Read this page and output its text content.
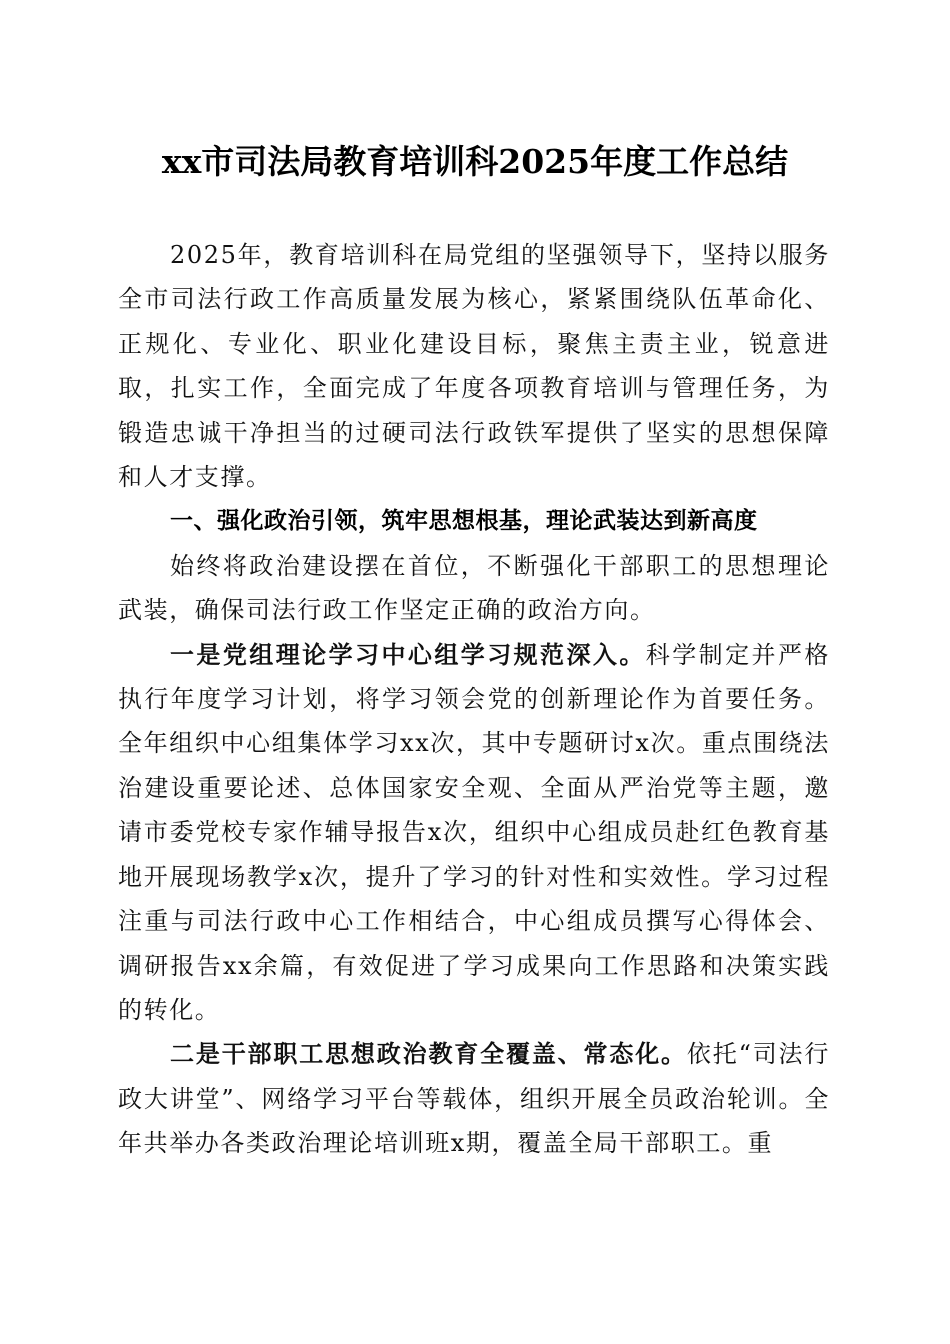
xx市司法局教育培训科2025年度工作总结

2025年，教育培训科在局党组的坚强领导下，坚持以服务全市司法行政工作高质量发展为核心，紧紧围绕队伍革命化、正规化、专业化、职业化建设目标，聚焦主责主业，锐意进取，扎实工作，全面完成了年度各项教育培训与管理任务，为锻造忠诚干净担当的过硬司法行政铁军提供了坚实的思想保障和人才支撑。

一、强化政治引领，筑牢思想根基，理论武装达到新高度

始终将政治建设摆在首位，不断强化干部职工的思想理论武装，确保司法行政工作坚定正确的政治方向。

一是党组理论学习中心组学习规范深入。科学制定并严格执行年度学习计划，将学习领会党的创新理论作为首要任务。全年组织中心组集体学习xx次，其中专题研讨x次。重点围绕法治建设重要论述、总体国家安全观、全面从严治党等主题，邀请市委党校专家作辅导报告x次，组织中心组成员赴红色教育基地开展现场教学x次，提升了学习的针对性和实效性。学习过程注重与司法行政中心工作相结合，中心组成员撰写心得体会、调研报告xx余篇，有效促进了学习成果向工作思路和决策实践的转化。

二是干部职工思想政治教育全覆盖、常态化。依托“司法行政大讲堂”、网络学习平台等载体，组织开展全员政治轮训。全年共举办各类政治理论培训班x期，覆盖全局干部职工。重
